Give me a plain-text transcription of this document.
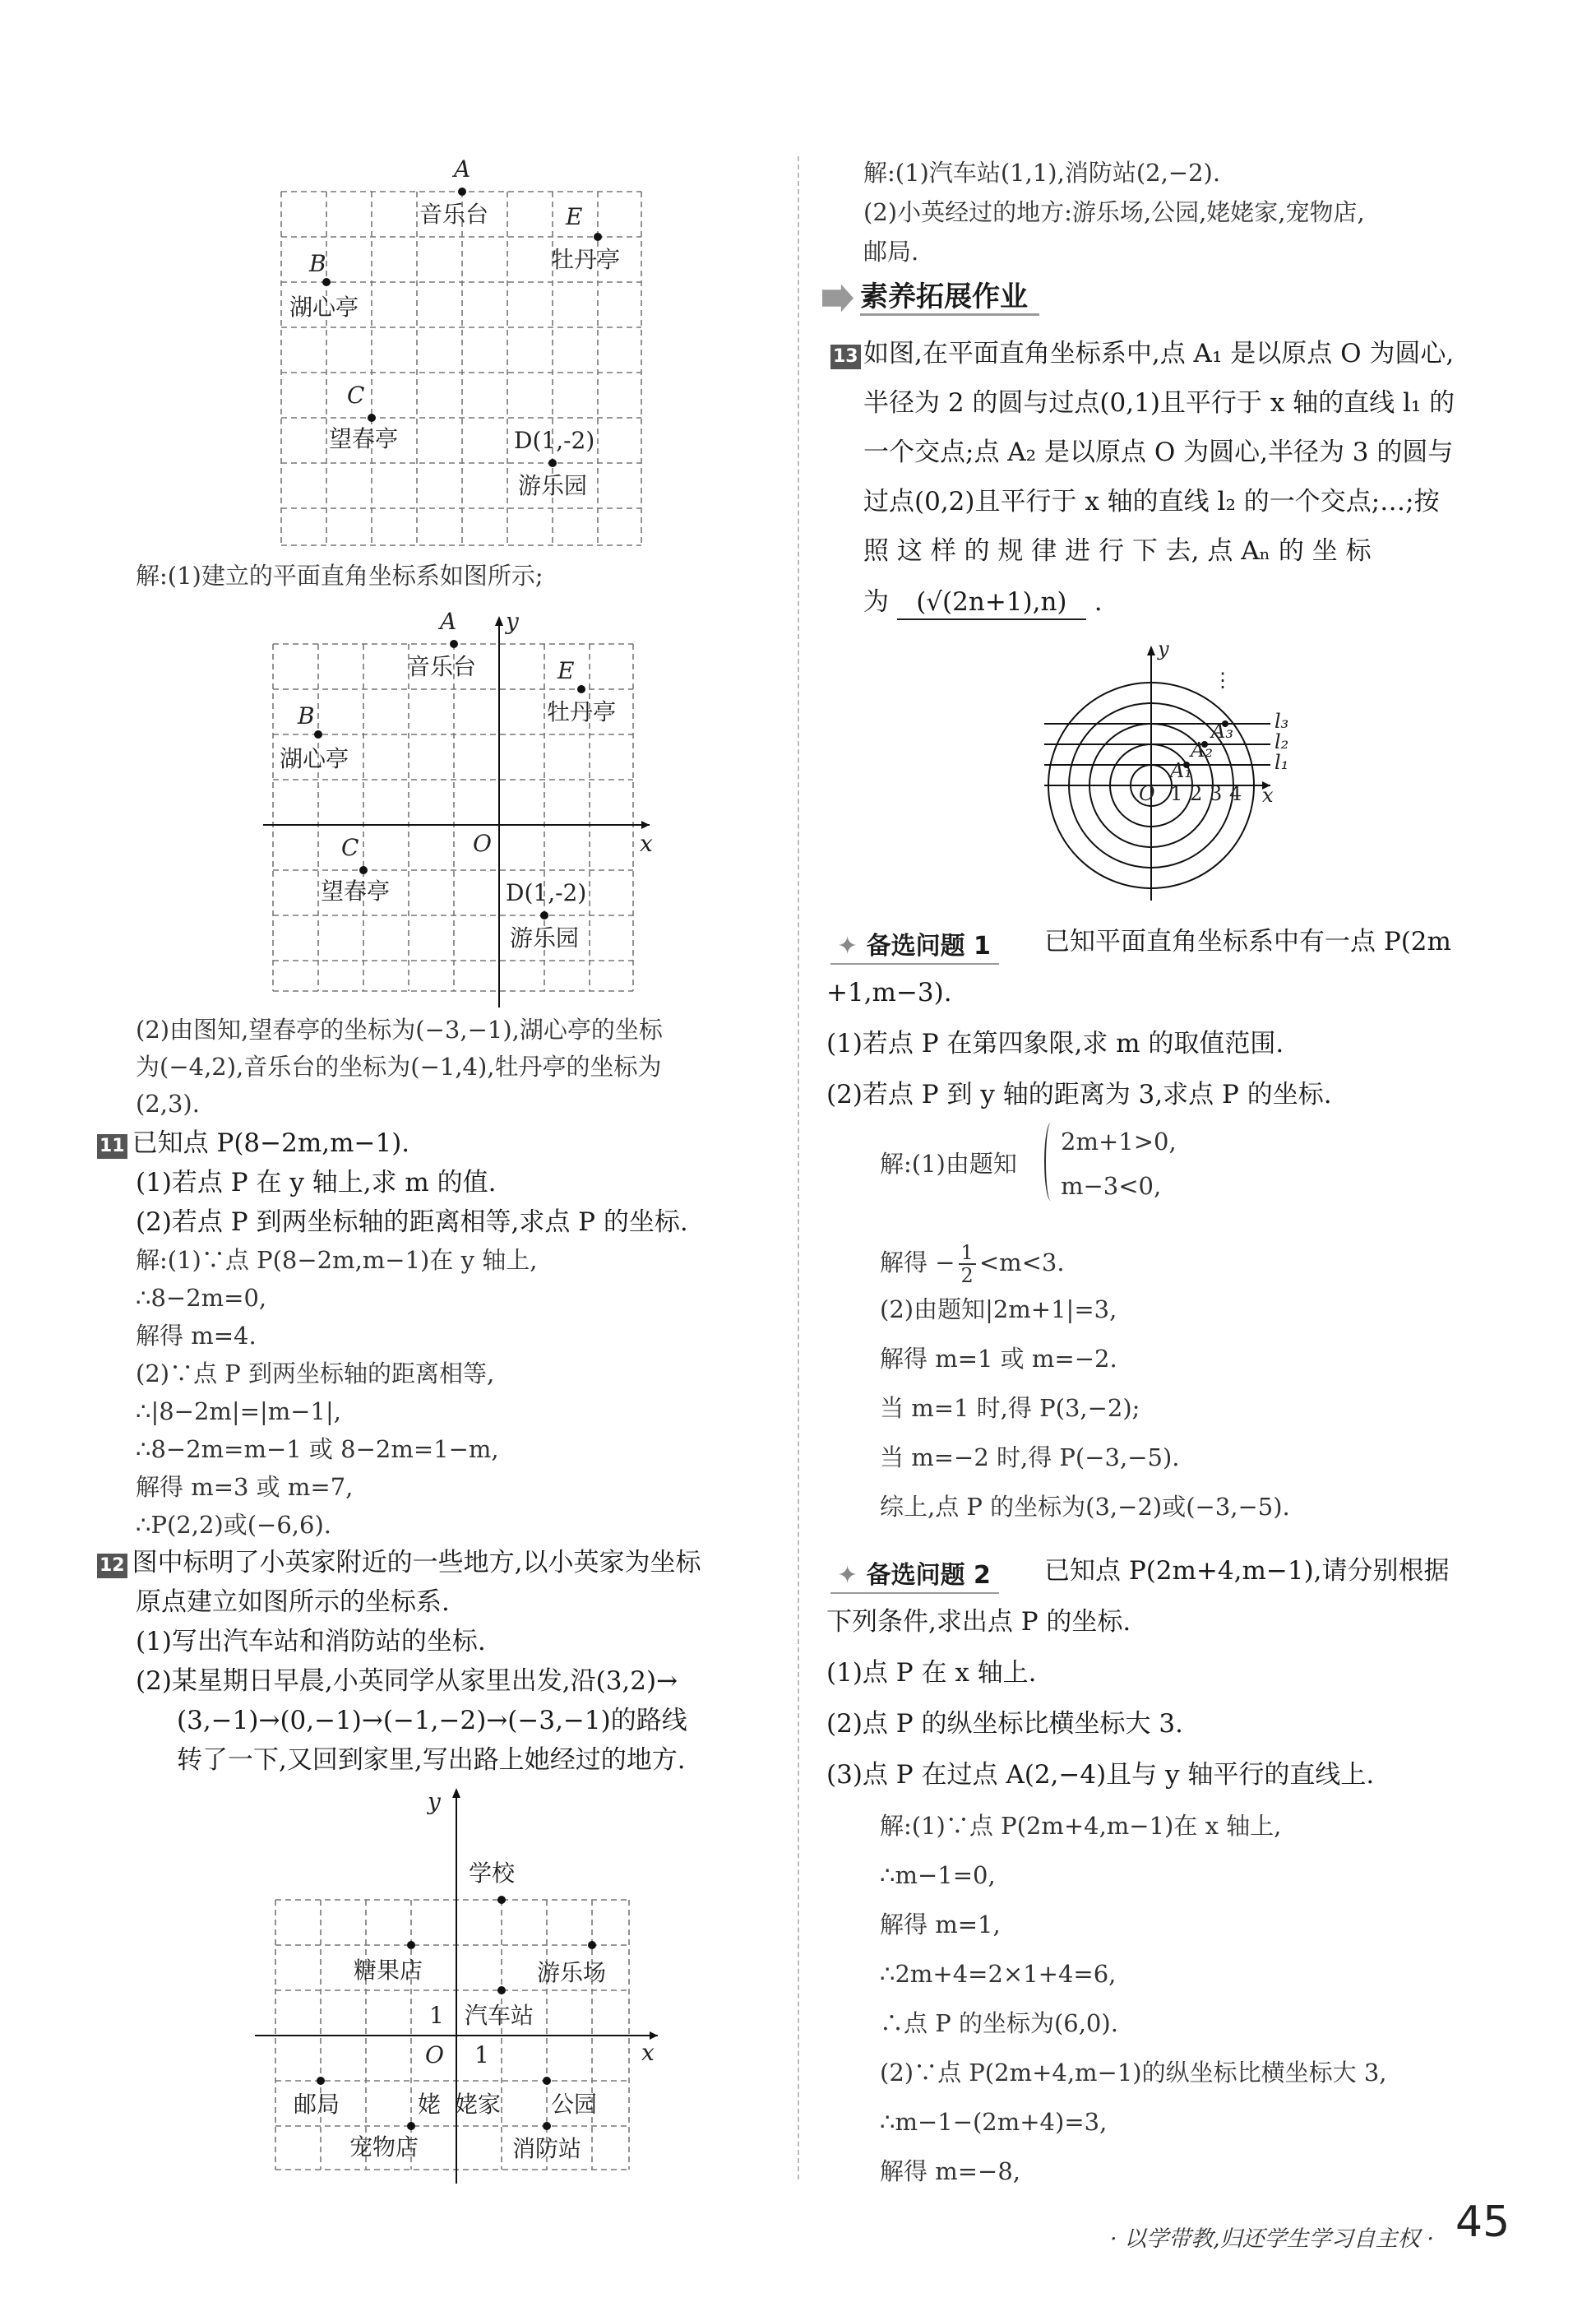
A
音乐台	E
牡丹亭
B
湖心亭
C
望春亭	D(1,-2)
游乐园
解:(1)建立的平面直角坐标系如图所示;
A y
音乐台	E
牡丹亭
B
湖心亭
O	x
C
望春亭	D(1,-2)
游乐园
(2)由图知,望春亭的坐标为(−3,−1),湖心亭的坐标
为(−4,2),音乐台的坐标为(−1,4),牡丹亭的坐标为
(2,3).
11 已知点 P(8−2m,m−1).
(1)若点 P 在 y 轴上,求 m 的值.
(2)若点 P 到两坐标轴的距离相等,求点 P 的坐标.
解:(1)∵点 P(8−2m,m−1)在 y 轴上,
∴8−2m=0,
解得 m=4.
(2)∵点 P 到两坐标轴的距离相等,
∴|8−2m|=|m−1|,
∴8−2m=m−1 或 8−2m=1−m,
解得 m=3 或 m=7,
∴P(2,2)或(−6,6).
12 图中标明了小英家附近的一些地方,以小英家为坐标
原点建立如图所示的坐标系.
(1)写出汽车站和消防站的坐标.
(2)某星期日早晨,小英同学从家里出发,沿(3,2)→
(3,−1)→(0,−1)→(−1,−2)→(−3,−1)的路线
转了一下,又回到家里,写出路上她经过的地方.
y
学校
糖果店	游乐场
1 汽车站
O 1	x
邮局	姥 姥家 公园
宠物店	消防站
解:(1)汽车站(1,1),消防站(2,−2).
(2)小英经过的地方:游乐场,公园,姥姥家,宠物店,
邮局.
素养拓展作业
13 如图,在平面直角坐标系中,点 A₁ 是以原点 O 为圆心,
半径为 2 的圆与过点(0,1)且平行于 x 轴的直线 l₁ 的
一个交点;点 A₂ 是以原点 O 为圆心,半径为 3 的圆与
过点(0,2)且平行于 x 轴的直线 l₂ 的一个交点;…;按
照 这 样 的 规 律 进 行 下 去, 点 Aₙ 的 坐 标
为 (√(2n+1),n) .
y
⋮
l₃
l₂
l₁
A₃
A₂
A₁
O 1 2 3 4 x
✦ 备选问题 1	已知平面直角坐标系中有一点 P(2m
+1,m−3).
(1)若点 P 在第四象限,求 m 的取值范围.
(2)若点 P 到 y 轴的距离为 3,求点 P 的坐标.
解:(1)由题知
2m+1>0,
m−3<0,
解得 − $\frac{1}{2} <m<3$.
(2)由题知|2m+1|=3,
解得 m=1 或 m=−2.
当 m=1 时,得 P(3,−2);
当 m=−2 时,得 P(−3,−5).
综上,点 P 的坐标为(3,−2)或(−3,−5).
✦ 备选问题 2	已知点 P(2m+4,m−1),请分别根据
下列条件,求出点 P 的坐标.
(1)点 P 在 x 轴上.
(2)点 P 的纵坐标比横坐标大 3.
(3)点 P 在过点 A(2,−4)且与 y 轴平行的直线上.
解:(1)∵点 P(2m+4,m−1)在 x 轴上,
∴m−1=0,
解得 m=1,
∴2m+4=2×1+4=6,
∴点 P 的坐标为(6,0).
(2)∵点 P(2m+4,m−1)的纵坐标比横坐标大 3,
∴m−1−(2m+4)=3,
解得 m=−8,
· 以学带教,归还学生学习自主权 · 45
